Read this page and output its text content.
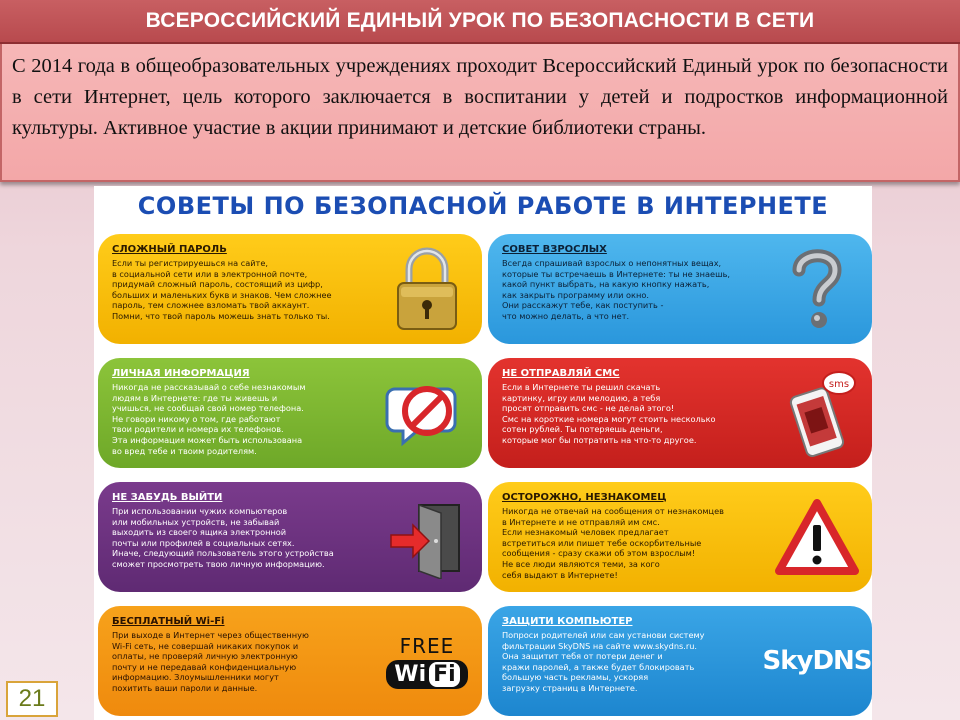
ВСЕРОССИЙСКИЙ ЕДИНЫЙ УРОК ПО БЕЗОПАСНОСТИ В СЕТИ

С 2014 года в общеобразовательных учреждениях проходит Всероссийский Единый урок по безопасности в сети Интернет, цель которого заключается в воспитании у детей и подростков информационной культуры. Активное участие в акции принимают и детские библиотеки страны.

СОВЕТЫ ПО БЕЗОПАСНОЙ РАБОТЕ В ИНТЕРНЕТЕ
СЛОЖНЫЙ ПАРОЛЬ
Если ты регистрируешься на сайте,
в социальной сети или в электронной почте,
придумай сложный пароль, состоящий из цифр,
больших и маленьких букв и знаков. Чем сложнее
пароль, тем сложнее взломать твой аккаунт.
Помни, что твой пароль можешь знать только ты.
СОВЕТ ВЗРОСЛЫХ
Всегда спрашивай взрослых о непонятных вещах,
которые ты встречаешь в Интернете: ты не знаешь,
какой пункт выбрать, на какую кнопку нажать,
как закрыть программу или окно.
Они расскажут тебе, как поступить -
что можно делать, а что нет.
ЛИЧНАЯ ИНФОРМАЦИЯ
Никогда не рассказывай о себе незнакомым
людям в Интернете: где ты живешь и
учишься, не сообщай свой номер телефона.
Не говори никому о том, где работают
твои родители и номера их телефонов.
Эта информация может быть использована
во вред тебе и твоим родителям.
НЕ ОТПРАВЛЯЙ СМС
Если в Интернете ты решил скачать
картинку, игру или мелодию, а тебя
просят отправить смс - не делай этого!
Смс на короткие номера могут стоить несколько
сотен рублей. Ты потеряешь деньги,
которые мог бы потратить на что-то другое.
sms
НЕ ЗАБУДЬ ВЫЙТИ
При использовании чужих компьютеров
или мобильных устройств, не забывай
выходить из своего ящика электронной
почты или профилей в социальных сетях.
Иначе, следующий пользователь этого устройства
сможет просмотреть твою личную информацию.
ОСТОРОЖНО, НЕЗНАКОМЕЦ
Никогда не отвечай на сообщения от незнакомцев
в Интернете и не отправляй им смс.
Если незнакомый человек предлагает
встретиться или пишет тебе оскорбительные
сообщения - сразу скажи об этом взрослым!
Не все люди являются теми, за кого
себя выдают в Интернете!
БЕСПЛАТНЫЙ Wi-Fi
При выходе в Интернет через общественную
Wi-Fi сеть, не совершай никаких покупок и
оплаты, не проверяй личную электронную
почту и не передавай конфиденциальную
информацию. Злоумышленники могут
похитить ваши пароли и данные.
FREE
Wi Fi
ЗАЩИТИ КОМПЬЮТЕР
Попроси родителей или сам установи систему
фильтрации SkyDNS на сайте www.skydns.ru.
Она защитит тебя от потери денег и
кражи паролей, а также будет блокировать
большую часть рекламы, ускоряя
загрузку страниц в Интернете.
SkyDNS
21
